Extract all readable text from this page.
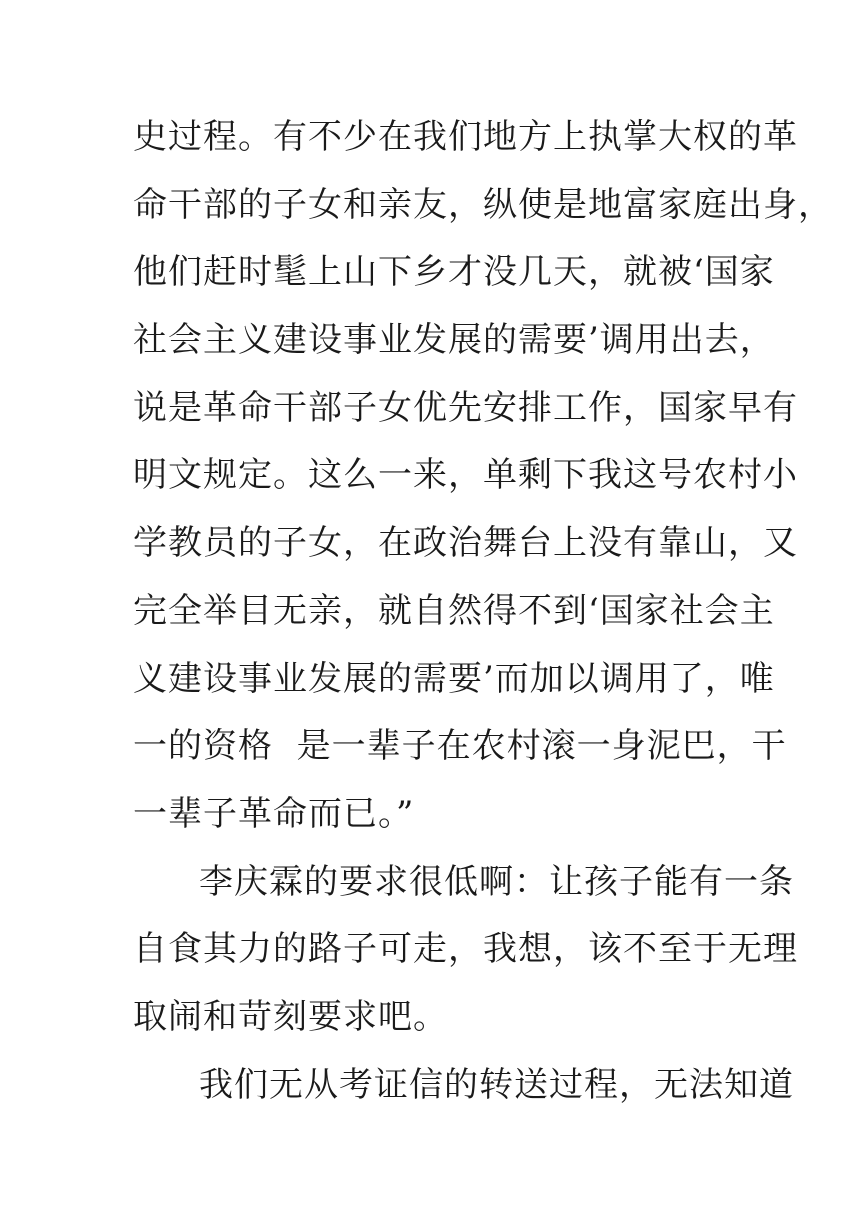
史过程。有不少在我们地方上执掌大权的革
命干部的子女和亲友，纵使是地富家庭出身，
他们赶时髦上山下乡才没几天，就被‘国家
社会主义建设事业发展的需要’调用出去，
说是革命干部子女优先安排工作，国家早有
明文规定。这么一来，单剩下我这号农村小
学教员的子女，在政治舞台上没有靠山，又
完全举目无亲，就自然得不到‘国家社会主
义建设事业发展的需要’而加以调用了，唯
一的资格  是一辈子在农村滚一身泥巴，干
一辈子革命而已。”
李庆霖的要求很低啊：让孩子能有一条
自食其力的路子可走，我想，该不至于无理
取闹和苛刻要求吧。
我们无从考证信的转送过程，无法知道
